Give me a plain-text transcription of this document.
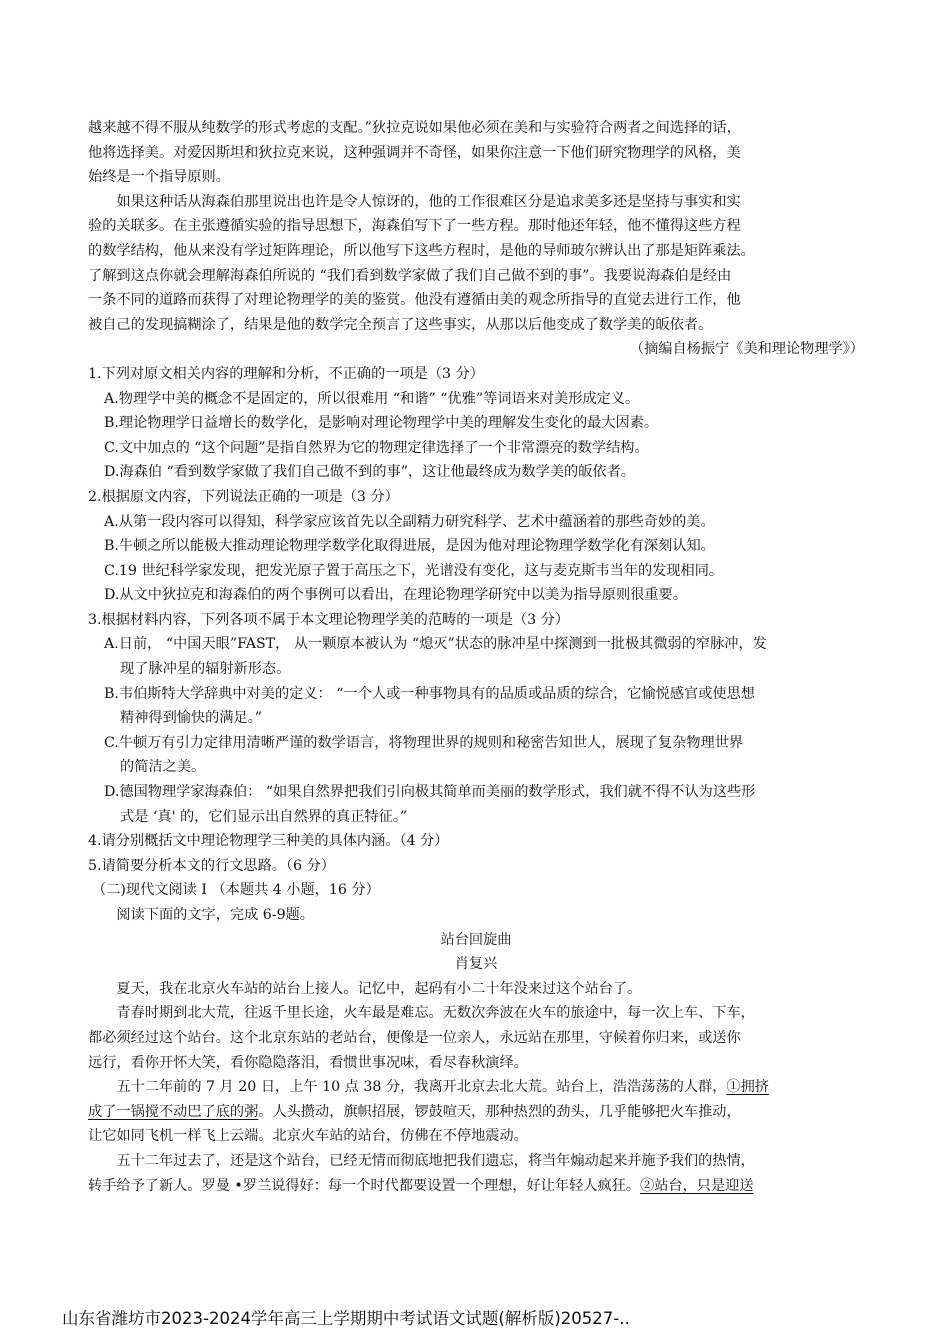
越来越不得不服从纯数学的形式考虑的支配。”狄拉克说如果他必须在美和与实验符合两者之间选择的话，
他将选择美。对爱因斯坦和狄拉克来说，这种强调并不奇怪，如果你注意一下他们研究物理学的风格，美
始终是一个指导原则。

如果这种话从海森伯那里说出也许是令人惊讶的，他的工作很难区分是追求美多还是坚持与事实和实
验的关联多。在主张遵循实验的指导思想下，海森伯写下了一些方程。那时他还年轻，他不懂得这些方程
的数学结构，他从来没有学过矩阵理论，所以他写下这些方程时，是他的导师玻尔辨认出了那是矩阵乘法。
了解到这点你就会理解海森伯所说的 “我们看到数学家做了我们自己做不到的事”。我要说海森伯是经由
一条不同的道路而获得了对理论物理学的美的鉴赏。他没有遵循由美的观念所指导的直觉去进行工作，他
被自己的发现搞糊涂了，结果是他的数学完全预言了这些事实，从那以后他变成了数学美的皈依者。

（摘编自杨振宁《美和理论物理学》）

1.下列对原文相关内容的理解和分析，不正确的一项是（3 分）

A.物理学中美的概念不是固定的，所以很难用 “和谐” “优雅”等词语来对美形成定义。

B.理论物理学日益增长的数学化，是影响对理论物理学中美的理解发生变化的最大因素。

C.文中加点的 “这个问题”是指自然界为它的物理定律选择了一个非常漂亮的数学结构。

D.海森伯 “看到数学家做了我们自己做不到的事”，这让他最终成为数学美的皈依者。

2.根据原文内容，下列说法正确的一项是（3 分）

A.从第一段内容可以得知，科学家应该首先以全副精力研究科学、艺术中蕴涵着的那些奇妙的美。

B.牛顿之所以能极大推动理论物理学数学化取得进展，是因为他对理论物理学数学化有深刻认知。

C.19 世纪科学家发现，把发光原子置于高压之下，光谱没有变化，这与麦克斯韦当年的发现相同。

D.从文中狄拉克和海森伯的两个事例可以看出，在理论物理学研究中以美为指导原则很重要。

3.根据材料内容，下列各项不属于本文理论物理学美的范畴的一项是（3 分）

A.日前， “中国天眼”FAST， 从一颗原本被认为 “熄灭”状态的脉冲星中探测到一批极其微弱的窄脉冲，发

现了脉冲星的辐射新形态。

B.韦伯斯特大学辞典中对美的定义： “一个人或一种事物具有的品质或品质的综合，它愉悦感官或使思想

精神得到愉快的满足。”

C.牛顿万有引力定律用清晰严谨的数学语言，将物理世界的规则和秘密告知世人，展现了复杂物理世界

的简洁之美。

D.德国物理学家海森伯： “如果自然界把我们引向极其简单而美丽的数学形式，我们就不得不认为这些形

式是 ‘真' 的，它们显示出自然界的真正特征。”

4.请分别概括文中理论物理学三种美的具体内涵。（4 分）

5.请简要分析本文的行文思路。（6 分）

（二)现代文阅读 I （本题共 4 小题，16 分）

阅读下面的文字，完成 6-9题。

站台回旋曲

肖复兴

夏天，我在北京火车站的站台上接人。记忆中，起码有小二十年没来过这个站台了。

青春时期到北大荒，往返千里长途，火车最是难忘。无数次奔波在火车的旅途中，每一次上车、下车，
都必须经过这个站台。这个北京东站的老站台，便像是一位亲人，永远站在那里，守候着你归来，或送你
远行，看你开怀大笑，看你隐隐落泪，看惯世事况味，看尽春秋演绎。

五十二年前的 7 月 20 日，上午 10 点 38 分，我离开北京去北大荒。站台上，浩浩荡荡的人群，①拥挤
成了一锅搅不动巴了底的粥。人头攒动，旗帜招展，锣鼓喧天，那种热烈的劲头，几乎能够把火车推动，
让它如同飞机一样飞上云端。北京火车站的站台，仿佛在不停地震动。

五十二年过去了，还是这个站台，已经无情而彻底地把我们遗忘，将当年煽动起来并施予我们的热情，
转手给予了新人。罗曼 •罗兰说得好：每一个时代都要设置一个理想，好让年轻人疯狂。②站台，只是迎送

山东省潍坊市2023-2024学年高三上学期期中考试语文试题(解析版)20527-..
